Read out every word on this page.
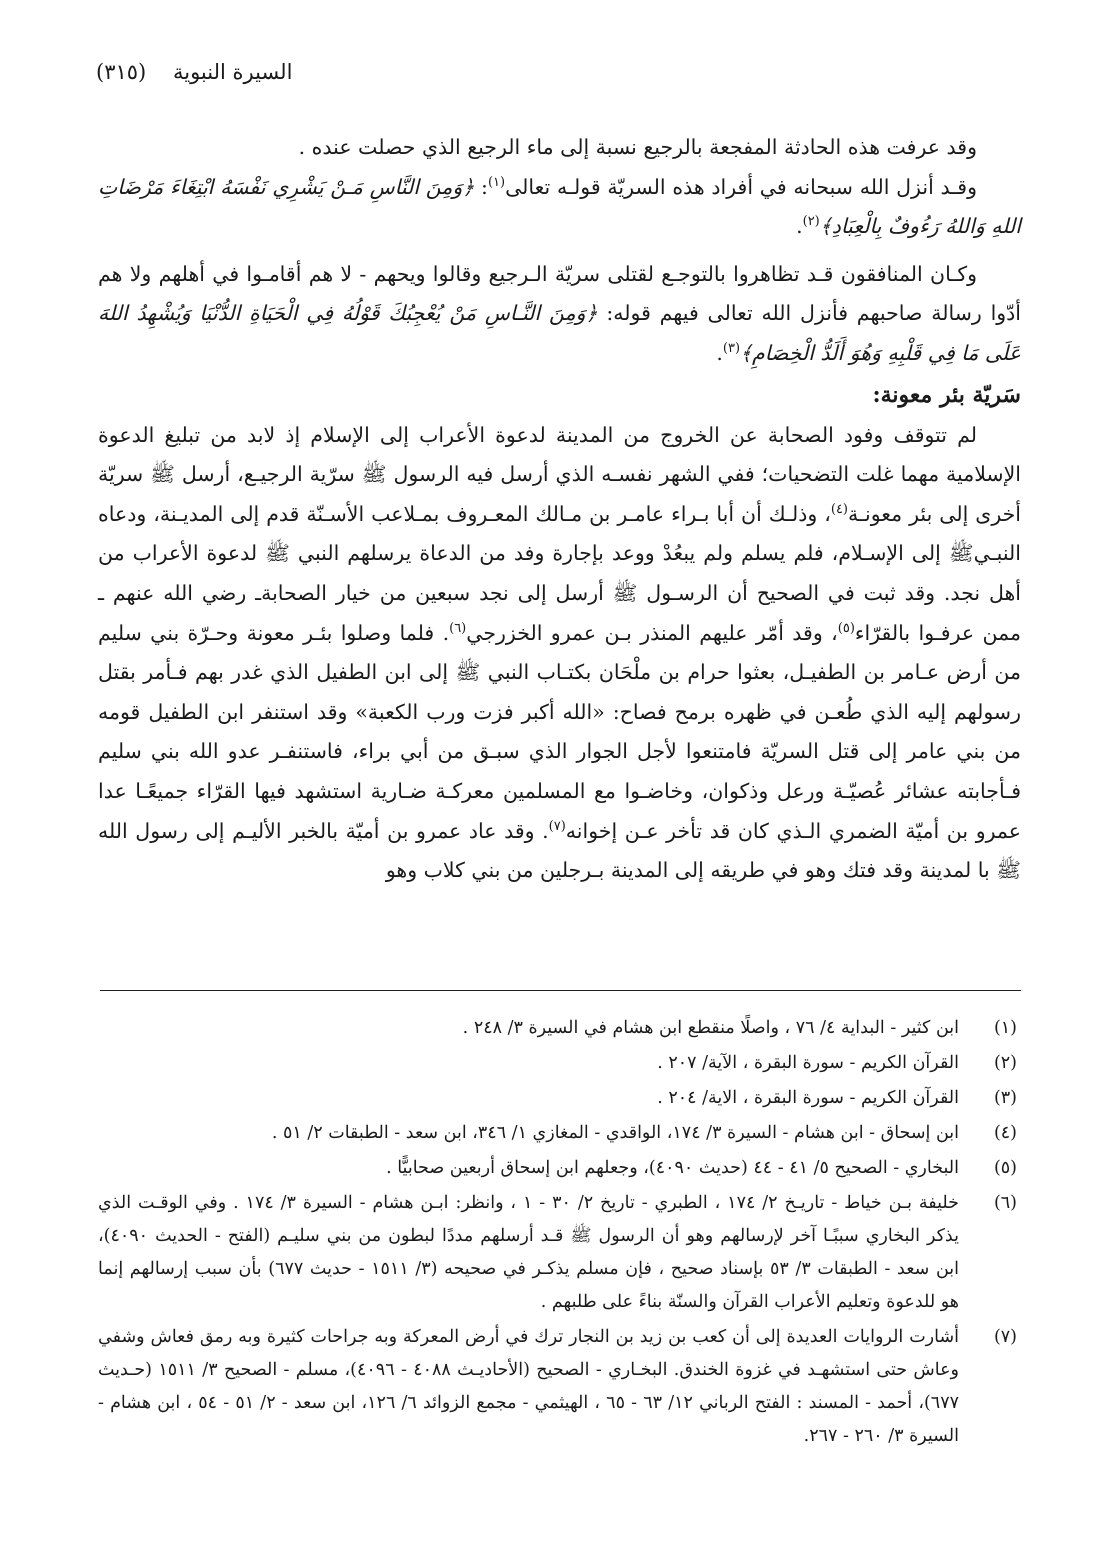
السيرة النبوية    (٣١٥)

وقد عرفت هذه الحادثة المفجعة بالرجيع نسبة إلى ماء الرجيع الذي حصلت عنده .

وقـد أنزل الله سبحانه في أفراد هذه السريّة قولـه تعالى$^{(١)}$: ﴿وَمِنَ النَّاسِ مَـنْ يَشْرِي نَفْسَهُ ابْتِغَاءَ مَرْضَاتِ اللهِ وَاللهُ رَءُوفٌ بِالْعِبَادِ﴾$^{(٢)}$.

وكـان المنافقون قـد تظاهروا بالتوجـع لقتلى سريّة الـرجيع وقالوا ويحهم - لا هم أقامـوا في أهلهم ولا هم أدّوا رسالة صاحبهم فأنزل الله تعالى فيهم قوله: ﴿وَمِنَ النَّـاسِ مَنْ يُعْجِبُكَ قَوْلُهُ فِي الْحَيَاةِ الدُّنْيَا وَيُشْهِدُ اللهَ عَلَى مَا فِي قَلْبِهِ وَهُوَ أَلَدُّ الْخِصَامِ﴾$^{(٣)}$.

سَريّة بئر معونة:

لم تتوقف وفود الصحابة عن الخروج من المدينة لدعوة الأعراب إلى الإسلام إذ لابد من تبليغ الدعوة الإسلامية مهما غلت التضحيات؛ ففي الشهر نفسـه الذي أرسل فيه الرسول ﷺ سرّية الرجيـع، أرسل ﷺ سريّة أخرى إلى بئر معونـة$^{(٤)}$، وذلـك أن أبا بـراء عامـر بن مـالك المعـروف بمـلاعب الأسـنّة قدم إلى المديـنة، ودعاه النبـيﷺ إلى الإسـلام، فلم يسلم ولم يبعُدْ ووعد بإجارة وفد من الدعاة يرسلهم النبي ﷺ لدعوة الأعراب من أهل نجد. وقد ثبت في الصحيح أن الرسـول ﷺ أرسل إلى نجد سبعين من خيار الصحابةـ رضي الله عنهم ـ ممن عرفـوا بالقرّاء$^{(٥)}$، وقد أمّر عليهم المنذر بـن عمرو الخزرجي$^{(٦)}$. فلما وصلوا بئـر معونة وحـرّة بني سليم من أرض عـامر بن الطفيـل، بعثوا حرام بن ملْحَان بكتـاب النبي ﷺ إلى ابن الطفيل الذي غدر بهم فـأمر بقتل رسولهم إليه الذي طُعـن في ظهره برمح فصاح: «الله أكبر فزت ورب الكعبة» وقد استنفر ابن الطفيل قومه من بني عامر إلى قتل السريّة فامتنعوا لأجل الجوار الذي سبـق من أبي براء، فاستنفـر عدو الله بني سليم فـأجابته عشائر عُصيّـة ورعل وذكوان، وخاضـوا مع المسلمين معركـة ضـارية استشهد فيها القرّاء جميعًـا عدا عمرو بن أميّة الضمري الـذي كان قد تأخر عـن إخوانه$^{(٧)}$. وقد عاد عمرو بن أميّة بالخبر الأليـم إلى رسول الله ﷺ با لمدينة وقد فتك وهو في طريقه إلى المدينة بـرجلين من بني كلاب وهو

(١)
ابن كثير - البداية ٤/ ٧٦ ، واصلًا منقطع ابن هشام في السيرة ٣/ ٢٤٨ .
(٢)
القرآن الكريم - سورة البقرة ، الآية/ ٢٠٧ .
(٣)
القرآن الكريم - سورة البقرة ، الاية/ ٢٠٤ .
(٤)
ابن إسحاق - ابن هشام - السيرة ٣/ ١٧٤، الواقدي - المغازي ١/ ٣٤٦، ابن سعد - الطبقات ٢/ ٥١ .
(٥)
البخاري - الصحيح ٥/ ٤١ - ٤٤ (حديث ٤٠٩٠)، وجعلهم ابن إسحاق أربعين صحابيًّا .
(٦)
خليفة بـن خياط - تاريـخ ٢/ ١٧٤ ، الطبري - تاريخ ٢/ ٣٠ - ١ ، وانظر: ابـن هشام - السيرة ٣/ ١٧٤ . وفي الوقـت الذي يذكر البخاري سببًـا آخر لإرسالهم وهو أن الرسول ﷺ قـد أرسلهم مددًا لبطون من بني سليـم (الفتح - الحديث ٤٠٩٠)، ابن سعد - الطبقات ٣/ ٥٣ بإسناد صحيح ، فإن مسلم يذكـر في صحيحه (٣/ ١٥١١ - حديث ٦٧٧) بأن سبب إرسالهم إنما هو للدعوة وتعليم الأعراب القرآن والسنّة بناءً على طلبهم .
(٧)
أشارت الروايات العديدة إلى أن كعب بن زيد بن النجار ترك في أرض المعركة وبه جراحات كثيرة وبه رمق فعاش وشفي وعاش حتى استشهـد في غزوة الخندق. البخـاري - الصحيح (الأحاديـث ٤٠٨٨ - ٤٠٩٦)، مسلم - الصحيح ٣/ ١٥١١ (حـديث ٦٧٧)، أحمد - المسند : الفتح الرباني ١٢/ ٦٣ - ٦٥ ، الهيثمي - مجمع الزوائد ٦/ ١٢٦، ابن سعد - ٢/ ٥١ - ٥٤ ، ابن هشام - السيرة ٣/ ٢٦٠ - ٢٦٧.
